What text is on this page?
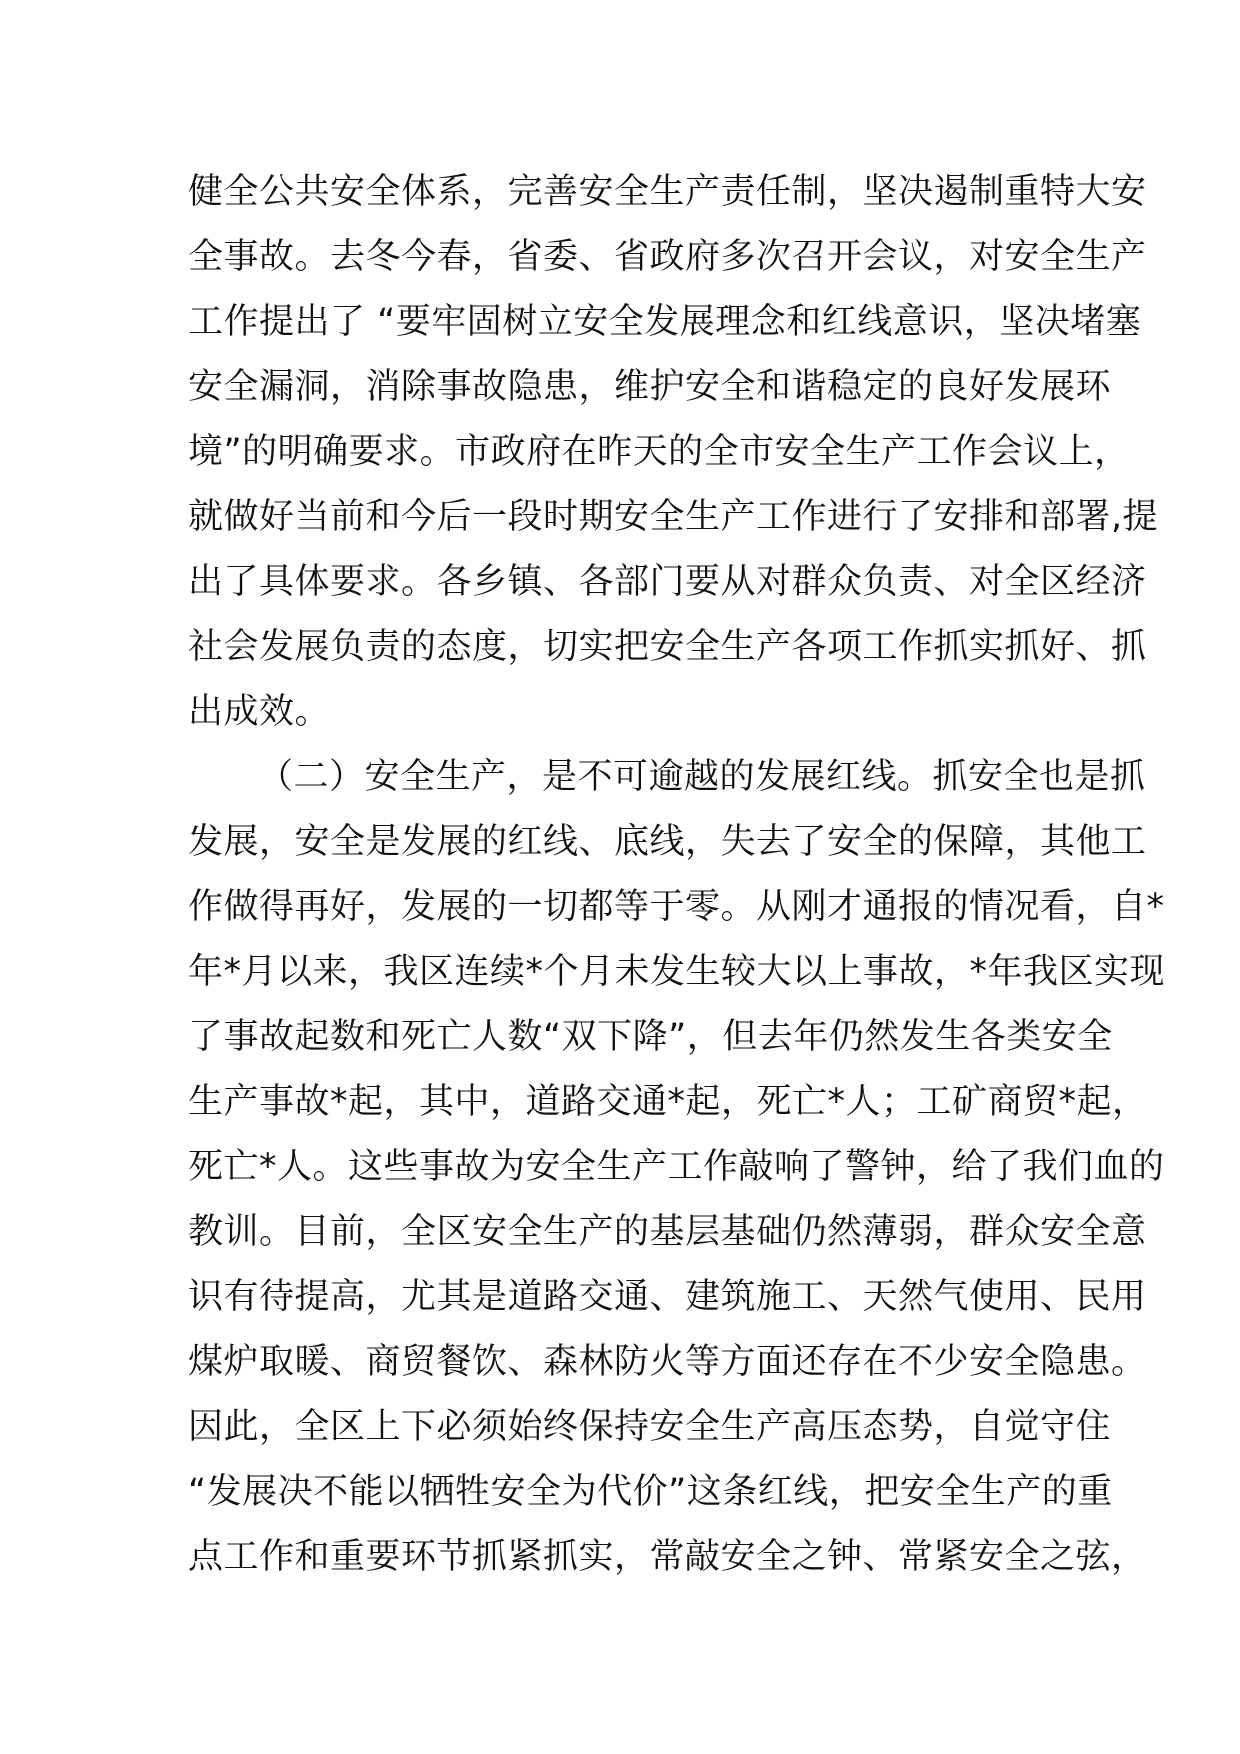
健全公共安全体系，完善安全生产责任制，坚决遏制重特大安
全事故。去冬今春，省委、省政府多次召开会议，对安全生产
工作提出了 “要牢固树立安全发展理念和红线意识，坚决堵塞
安全漏洞，消除事故隐患，维护安全和谐稳定的良好发展环
境”的明确要求。市政府在昨天的全市安全生产工作会议上，
就做好当前和今后一段时期安全生产工作进行了安排和部署,提
出了具体要求。各乡镇、各部门要从对群众负责、对全区经济
社会发展负责的态度，切实把安全生产各项工作抓实抓好、抓
出成效。
（二）安全生产，是不可逾越的发展红线。抓安全也是抓
发展，安全是发展的红线、底线，失去了安全的保障，其他工
作做得再好，发展的一切都等于零。从刚才通报的情况看，自*
年*月以来，我区连续*个月未发生较大以上事故，*年我区实现
了事故起数和死亡人数“双下降”，但去年仍然发生各类安全
生产事故*起，其中，道路交通*起，死亡*人；工矿商贸*起，
死亡*人。这些事故为安全生产工作敲响了警钟，给了我们血的
教训。目前，全区安全生产的基层基础仍然薄弱，群众安全意
识有待提高，尤其是道路交通、建筑施工、天然气使用、民用
煤炉取暖、商贸餐饮、森林防火等方面还存在不少安全隐患。
因此，全区上下必须始终保持安全生产高压态势，自觉守住
“发展决不能以牺牲安全为代价”这条红线，把安全生产的重
点工作和重要环节抓紧抓实，常敲安全之钟、常紧安全之弦，
